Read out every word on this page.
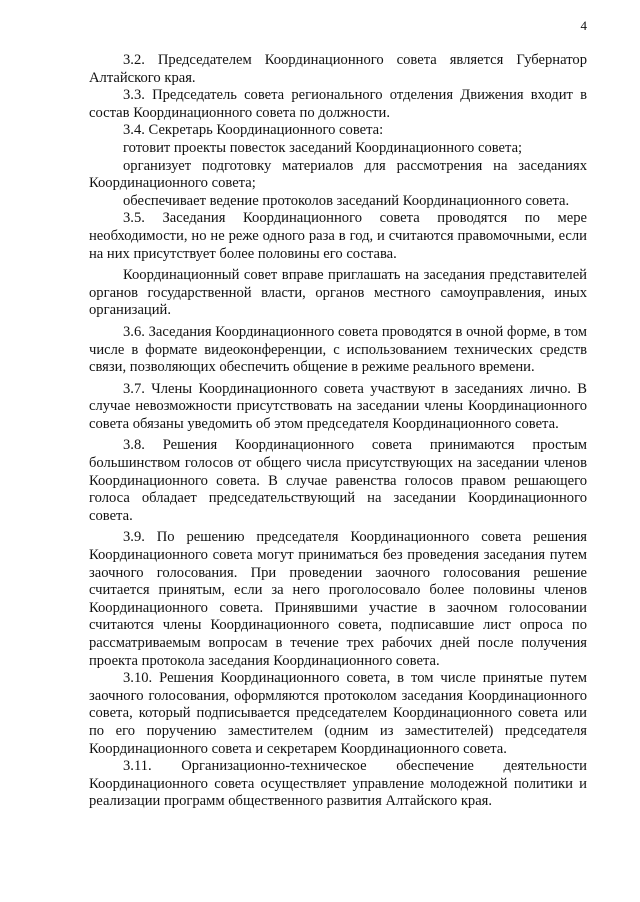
4

3.2. Председателем Координационного совета является Губернатор Алтайского края.

3.3. Председатель совета регионального отделения Движения входит в состав Координационного совета по должности.

3.4. Секретарь Координационного совета:

готовит проекты повесток заседаний Координационного совета;

организует подготовку материалов для рассмотрения на заседаниях Координационного совета;

обеспечивает ведение протоколов заседаний Координационного совета.

3.5. Заседания Координационного совета проводятся по мере необходимости, но не реже одного раза в год, и считаются правомочными, если на них присутствует более половины его состава.

Координационный совет вправе приглашать на заседания представителей органов государственной власти, органов местного самоуправления, иных организаций.

3.6. Заседания Координационного совета проводятся в очной форме, в том числе в формате видеоконференции, с использованием технических средств связи, позволяющих обеспечить общение в режиме реального времени.

3.7. Члены Координационного совета участвуют в заседаниях лично. В случае невозможности присутствовать на заседании члены Координационного совета обязаны уведомить об этом председателя Координационного совета.

3.8. Решения Координационного совета принимаются простым большинством голосов от общего числа присутствующих на заседании членов Координационного совета. В случае равенства голосов правом решающего голоса обладает председательствующий на заседании Координационного совета.

3.9. По решению председателя Координационного совета решения Координационного совета могут приниматься без проведения заседания путем заочного голосования. При проведении заочного голосования решение считается принятым, если за него проголосовало более половины членов Координационного совета. Принявшими участие в заочном голосовании считаются члены Координационного совета, подписавшие лист опроса по рассматриваемым вопросам в течение трех рабочих дней после получения проекта протокола заседания Координационного совета.

3.10. Решения Координационного совета, в том числе принятые путем заочного голосования, оформляются протоколом заседания Координационного совета, который подписывается председателем Координационного совета или по его поручению заместителем (одним из заместителей) председателя Координационного совета и секретарем Координационного совета.

3.11. Организационно-техническое обеспечение деятельности Координационного совета осуществляет управление молодежной политики и реализации программ общественного развития Алтайского края.
